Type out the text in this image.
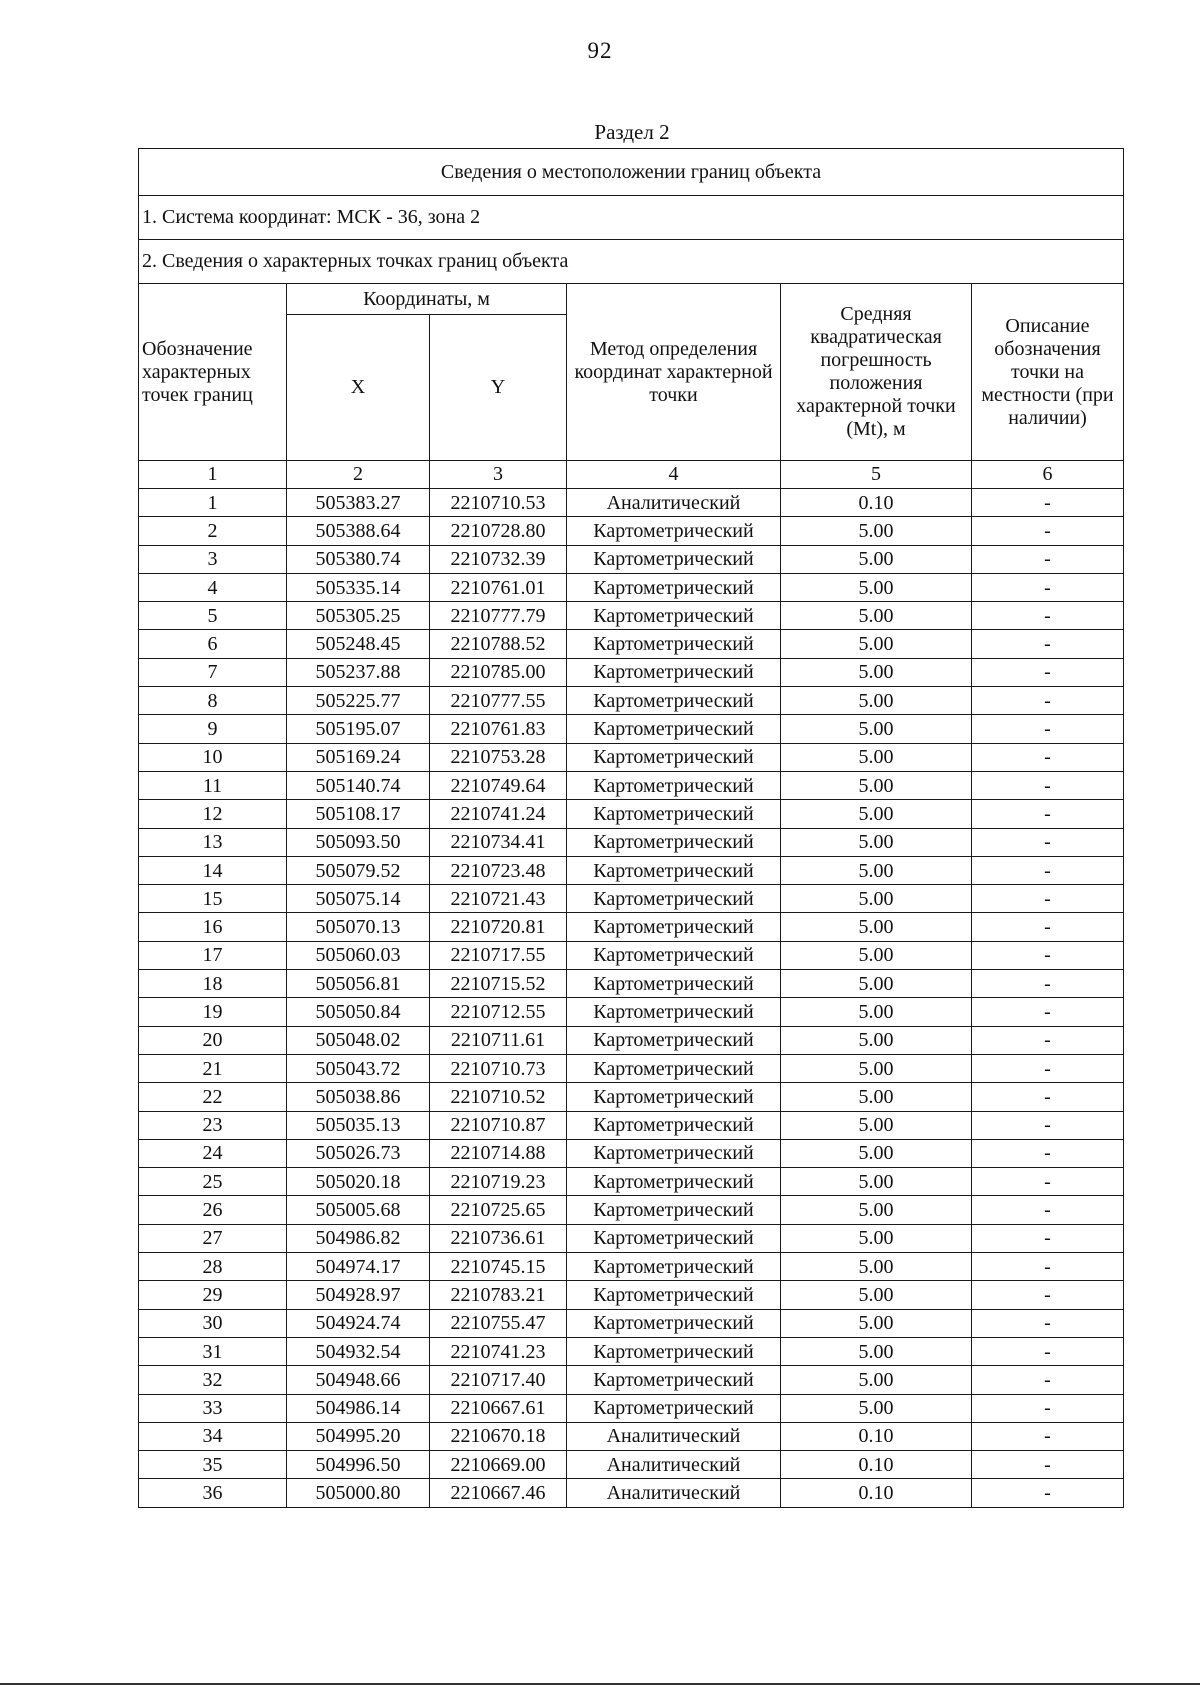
92
Раздел 2
Сведения о местоположении границ объекта					
1. Система координат: МСК - 36, зона 2					
2. Сведения о характерных точках границ объекта					
Обозначение характерных точек границ	Координаты, м		Метод определения координат характерной точки	Средняя квадратическая погрешность положения характерной точки (Mt), м	Описание обозначения точки на местности (при наличии)
	X	Y			
1	2	3	4	5	6
1	505383.27	2210710.53	Аналитический	0.10	-
2	505388.64	2210728.80	Картометрический	5.00	-
3	505380.74	2210732.39	Картометрический	5.00	-
4	505335.14	2210761.01	Картометрический	5.00	-
5	505305.25	2210777.79	Картометрический	5.00	-
6	505248.45	2210788.52	Картометрический	5.00	-
7	505237.88	2210785.00	Картометрический	5.00	-
8	505225.77	2210777.55	Картометрический	5.00	-
9	505195.07	2210761.83	Картометрический	5.00	-
10	505169.24	2210753.28	Картометрический	5.00	-
11	505140.74	2210749.64	Картометрический	5.00	-
12	505108.17	2210741.24	Картометрический	5.00	-
13	505093.50	2210734.41	Картометрический	5.00	-
14	505079.52	2210723.48	Картометрический	5.00	-
15	505075.14	2210721.43	Картометрический	5.00	-
16	505070.13	2210720.81	Картометрический	5.00	-
17	505060.03	2210717.55	Картометрический	5.00	-
18	505056.81	2210715.52	Картометрический	5.00	-
19	505050.84	2210712.55	Картометрический	5.00	-
20	505048.02	2210711.61	Картометрический	5.00	-
21	505043.72	2210710.73	Картометрический	5.00	-
22	505038.86	2210710.52	Картометрический	5.00	-
23	505035.13	2210710.87	Картометрический	5.00	-
24	505026.73	2210714.88	Картометрический	5.00	-
25	505020.18	2210719.23	Картометрический	5.00	-
26	505005.68	2210725.65	Картометрический	5.00	-
27	504986.82	2210736.61	Картометрический	5.00	-
28	504974.17	2210745.15	Картометрический	5.00	-
29	504928.97	2210783.21	Картометрический	5.00	-
30	504924.74	2210755.47	Картометрический	5.00	-
31	504932.54	2210741.23	Картометрический	5.00	-
32	504948.66	2210717.40	Картометрический	5.00	-
33	504986.14	2210667.61	Картометрический	5.00	-
34	504995.20	2210670.18	Аналитический	0.10	-
35	504996.50	2210669.00	Аналитический	0.10	-
36	505000.80	2210667.46	Аналитический	0.10	-
